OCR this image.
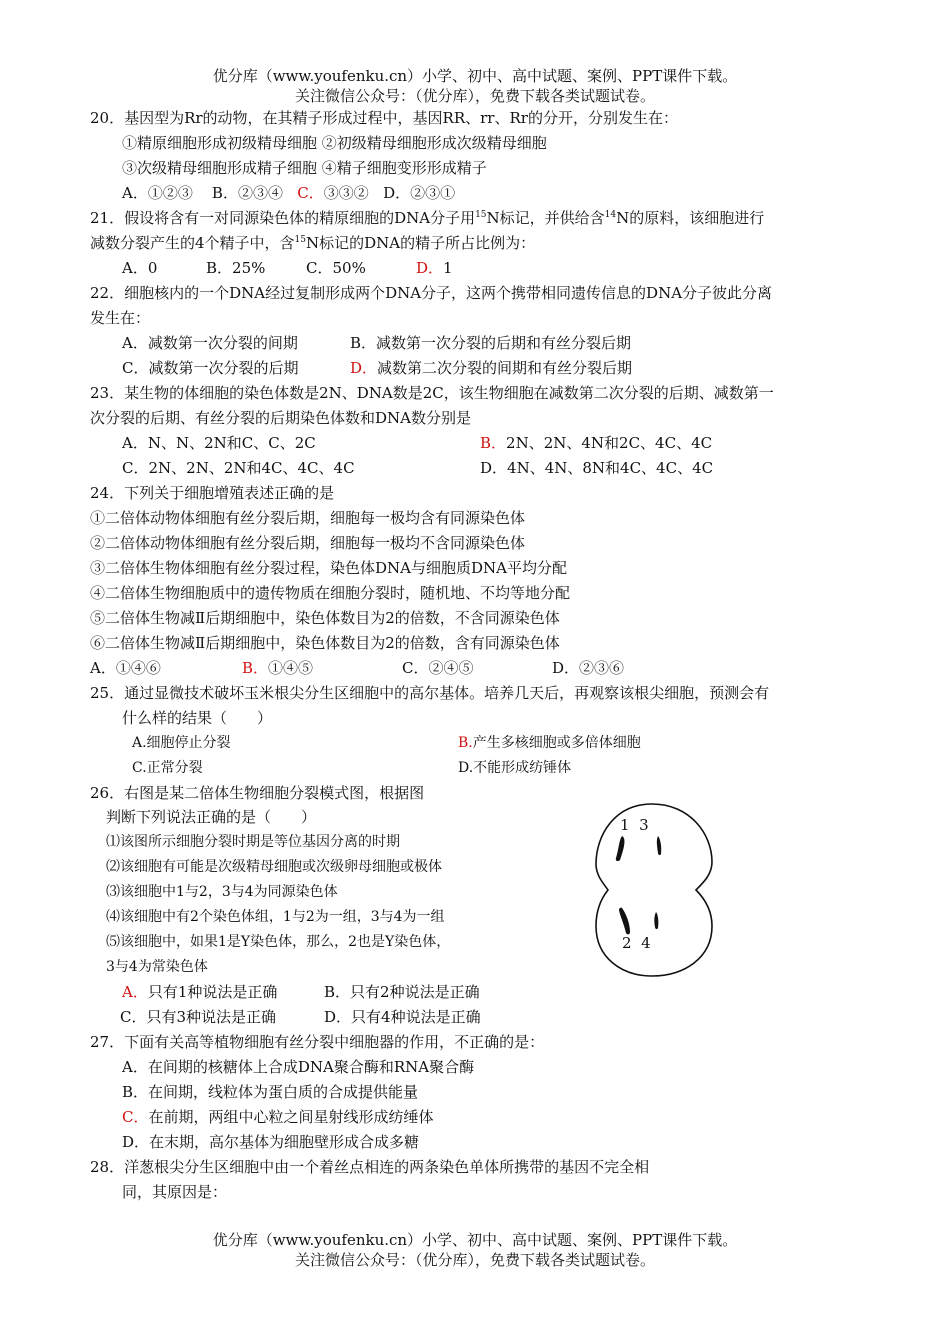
优分库（www.youfenku.cn）小学、初中、高中试题、案例、PPT课件下载。
关注微信公众号：（优分库），免费下载各类试题试卷。
20．基因型为Rr的动物，在其精子形成过程中，基因RR、rr、Rr的分开，分别发生在：
①精原细胞形成初级精母细胞 ②初级精母细胞形成次级精母细胞
③次级精母细胞形成精子细胞 ④精子细胞变形形成精子
A．①②③ B．②③④ C．③③② D．②③①
21．假设将含有一对同源染色体的精原细胞的DNA分子用$^{15}$N标记，并供给含$^{14}$N的原料，该细胞进行
减数分裂产生的4个精子中，含$^{15}$N标记的DNA的精子所占比例为：
A．0	B．25%	C．50%	D．1
22．细胞核内的一个DNA经过复制形成两个DNA分子，这两个携带相同遗传信息的DNA分子彼此分离
发生在：
A．减数第一次分裂的间期	B．减数第一次分裂的后期和有丝分裂后期
C．减数第一次分裂的后期	D．减数第二次分裂的间期和有丝分裂后期
23．某生物的体细胞的染色体数是2N、DNA数是2C，该生物细胞在减数第二次分裂的后期、减数第一
次分裂的后期、有丝分裂的后期染色体数和DNA数分别是
A．N、N、2N和C、C、2C	B．2N、2N、4N和2C、4C、4C
C．2N、2N、2N和4C、4C、4C	D．4N、4N、8N和4C、4C、4C
24．下列关于细胞增殖表述正确的是
①二倍体动物体细胞有丝分裂后期，细胞每一极均含有同源染色体
②二倍体动物体细胞有丝分裂后期，细胞每一极均不含同源染色体
③二倍体生物体细胞有丝分裂过程，染色体DNA与细胞质DNA平均分配
④二倍体生物细胞质中的遗传物质在细胞分裂时，随机地、不均等地分配
⑤二倍体生物减Ⅱ后期细胞中，染色体数目为2的倍数，不含同源染色体
⑥二倍体生物减Ⅱ后期细胞中，染色体数目为2的倍数，含有同源染色体
A．①④⑥	B．①④⑤	C．②④⑤	D．②③⑥
25．通过显微技术破坏玉米根尖分生区细胞中的高尔基体。培养几天后，再观察该根尖细胞，预测会有
什么样的结果（　　）
A.细胞停止分裂	B.产生多核细胞或多倍体细胞
C.正常分裂	D.不能形成纺锤体
26．右图是某二倍体生物细胞分裂模式图，根据图
判断下列说法正确的是（　　）
⑴该图所示细胞分裂时期是等位基因分离的时期
⑵该细胞有可能是次级精母细胞或次级卵母细胞或极体
⑶该细胞中1与2，3与4为同源染色体
⑷该细胞中有2个染色体组，1与2为一组，3与4为一组
⑸该细胞中，如果1是Y染色体，那么，2也是Y染色体，
3与4为常染色体
A．只有1种说法是正确	B．只有2种说法是正确
C．只有3种说法是正确	D．只有4种说法是正确
1  3
2  4
27．下面有关高等植物细胞有丝分裂中细胞器的作用，不正确的是：
A．在间期的核糖体上合成DNA聚合酶和RNA聚合酶
B．在间期，线粒体为蛋白质的合成提供能量
C．在前期，两组中心粒之间星射线形成纺缍体
D．在末期，高尔基体为细胞壁形成合成多糖
28．洋葱根尖分生区细胞中由一个着丝点相连的两条染色单体所携带的基因不完全相
同，其原因是：
优分库（www.youfenku.cn）小学、初中、高中试题、案例、PPT课件下载。
关注微信公众号：（优分库），免费下载各类试题试卷。
